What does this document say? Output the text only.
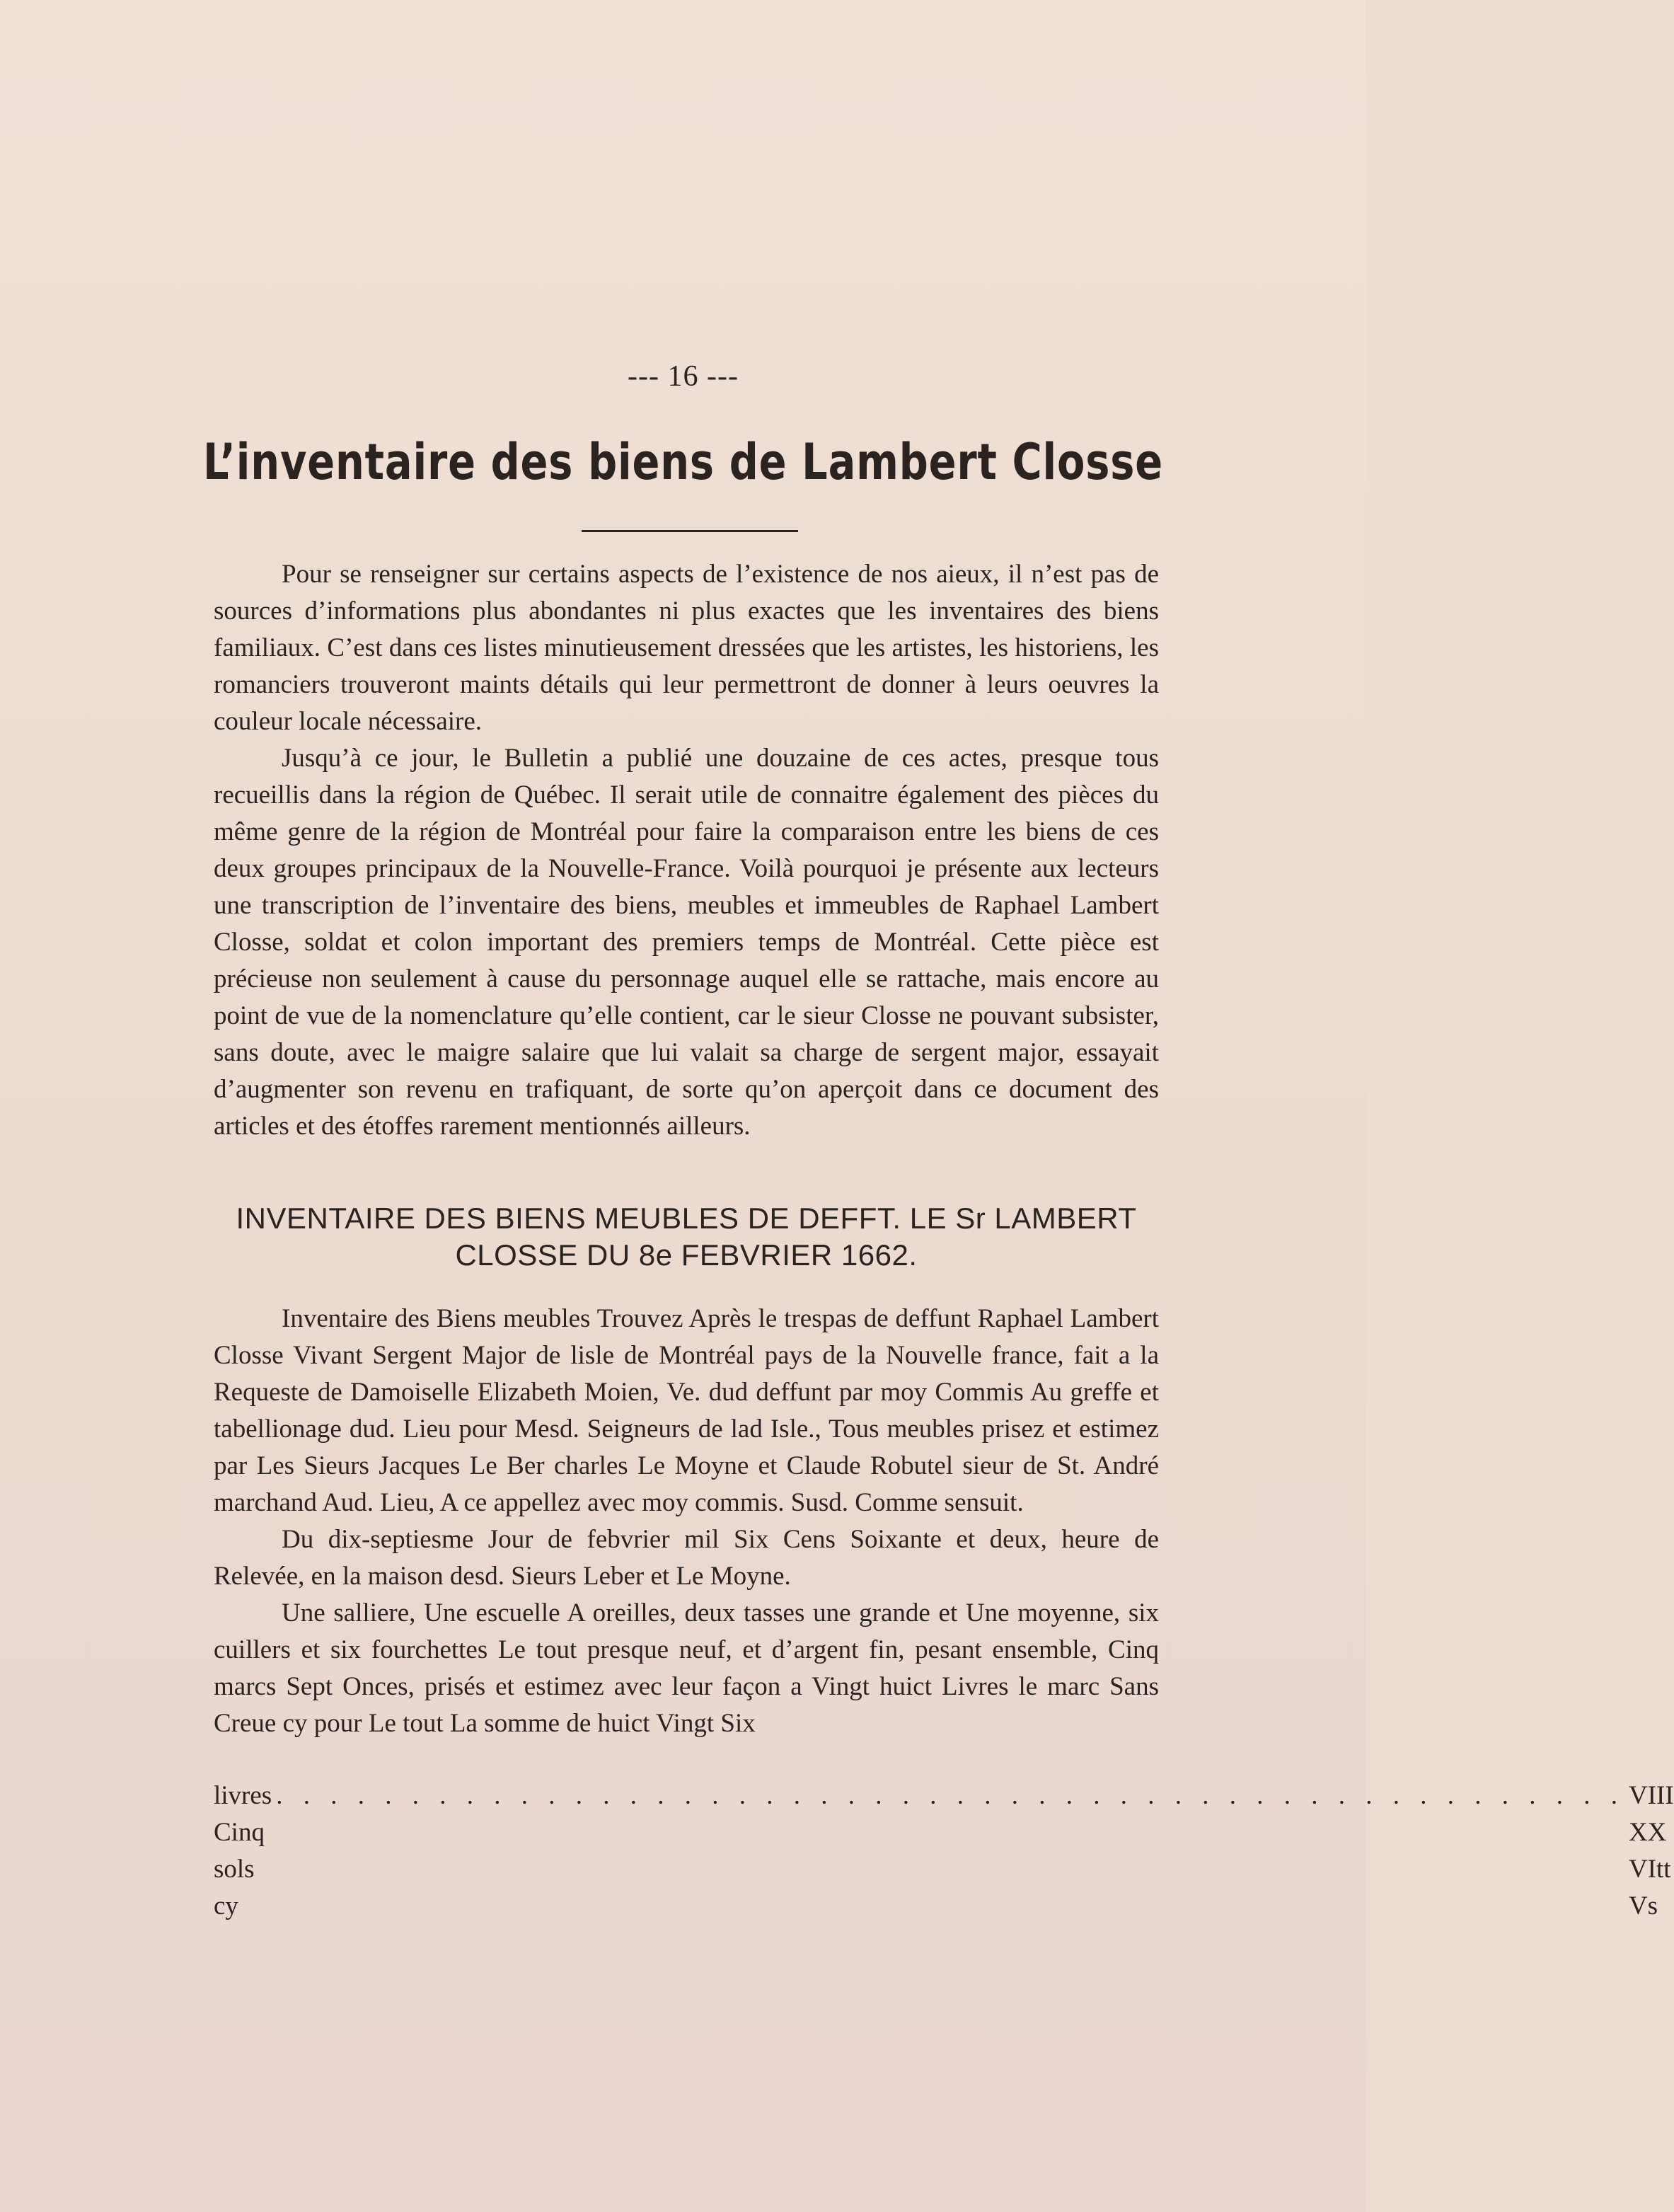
--- 16 ---
L’inventaire des biens de Lambert Closse

Pour se renseigner sur certains aspects de l’existence de nos aieux, il n’est pas de sources d’informations plus abondantes ni plus exactes que les inventaires des biens familiaux. C’est dans ces listes minutieusement dressées que les artistes, les historiens, les romanciers trouveront maints détails qui leur permettront de donner à leurs oeuvres la couleur locale nécessaire.

Jusqu’à ce jour, le Bulletin a publié une douzaine de ces actes, presque tous recueillis dans la région de Québec. Il serait utile de connaitre également des pièces du même genre de la région de Montréal pour faire la comparaison entre les biens de ces deux groupes principaux de la Nouvelle-France. Voilà pourquoi je présente aux lecteurs une transcription de l’inventaire des biens, meubles et immeubles de Raphael Lambert Closse, soldat et colon important des premiers temps de Montréal. Cette pièce est précieuse non seulement à cause du personnage auquel elle se rattache, mais encore au point de vue de la nomenclature qu’elle contient, car le sieur Closse ne pouvant subsister, sans doute, avec le maigre salaire que lui valait sa charge de sergent major, essayait d’augmenter son revenu en trafiquant, de sorte qu’on aperçoit dans ce document des articles et des étoffes rarement mentionnés ailleurs.

INVENTAIRE DES BIENS MEUBLES DE DEFFT. LE Sr LAMBERT CLOSSE DU 8e FEBVRIER 1662.

Inventaire des Biens meubles Trouvez Après le trespas de deffunt Raphael Lambert Closse Vivant Sergent Major de lisle de Montréal pays de la Nouvelle france, fait a la Requeste de Damoiselle Elizabeth Moien, Ve. dud deffunt par moy Commis Au greffe et tabellionage dud. Lieu pour Mesd. Seigneurs de lad Isle., Tous meubles prisez et estimez par Les Sieurs Jacques Le Ber charles Le Moyne et Claude Robutel sieur de St. André marchand Aud. Lieu, A ce appellez avec moy commis. Susd. Comme sensuit.

Du dix-septiesme Jour de febvrier mil Six Cens Soixante et deux, heure de Relevée, en la maison desd. Sieurs Leber et Le Moyne.

Une salliere, Une escuelle A oreilles, deux tasses une grande et Une moyenne, six cuillers et six fourchettes Le tout presque neuf, et d’argent fin, pesant ensemble, Cinq marcs Sept Onces, prisés et estimez avec leur façon a Vingt huict Livres le marc Sans Creue cy pour Le tout La somme de huict Vingt Six

livres Cinq sols cy
. . . . . . . . . . . . . . . . . . . . . . . . . . . . . . . . . . . . . . . . . . . . . . . . . . VIII XX VItt Vs
